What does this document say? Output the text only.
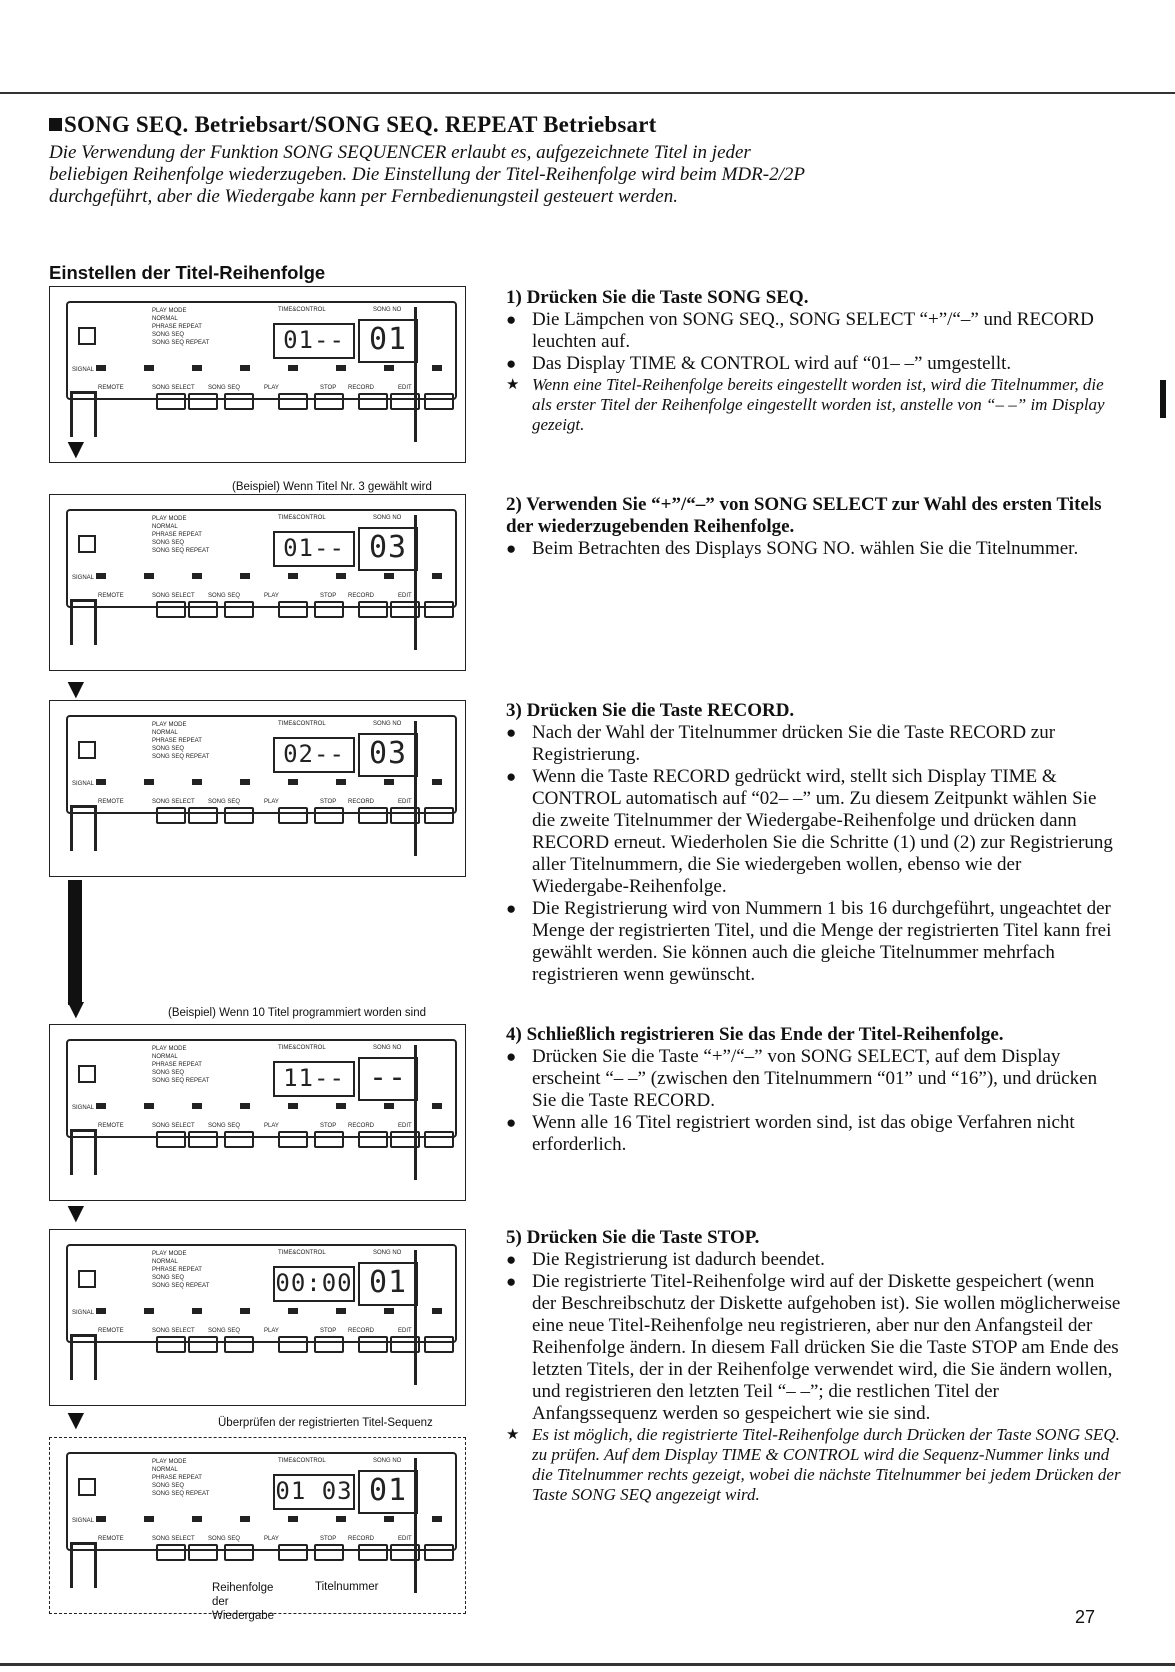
SONG SEQ. Betriebsart/SONG SEQ. REPEAT Betriebsart
Die Verwendung der Funktion SONG SEQUENCER erlaubt es, aufgezeichnete Titel in jeder beliebigen Reihenfolge wiederzugeben. Die Einstellung der Titel-Reihenfolge wird beim MDR-2/2P durchgeführt, aber die Wiedergabe kann per Fernbedienungsteil gesteuert werden.
Einstellen der Titel-Reihenfolge
SIGNAL
PLAY MODE
NORMAL
PHRASE REPEAT
SONG SEQ
SONG SEQ REPEAT
TIME&CONTROL	SONG NO
01-- 01
REMOTE	SONG SELECT SONG SEQ	PLAY	STOP RECORD	EDIT
SIGNAL
PLAY MODE
NORMAL
PHRASE REPEAT
SONG SEQ
SONG SEQ REPEAT
TIME&CONTROL	SONG NO
01-- 03
REMOTE	SONG SELECT SONG SEQ	PLAY	STOP RECORD	EDIT
SIGNAL
PLAY MODE
NORMAL
PHRASE REPEAT
SONG SEQ
SONG SEQ REPEAT
TIME&CONTROL	SONG NO
02-- 03
REMOTE	SONG SELECT SONG SEQ	PLAY	STOP RECORD	EDIT
SIGNAL
PLAY MODE
NORMAL
PHRASE REPEAT
SONG SEQ
SONG SEQ REPEAT
TIME&CONTROL	SONG NO
11-- --
REMOTE	SONG SELECT SONG SEQ	PLAY	STOP RECORD	EDIT
SIGNAL
PLAY MODE
NORMAL
PHRASE REPEAT
SONG SEQ
SONG SEQ REPEAT
TIME&CONTROL	SONG NO
00:00 01
REMOTE	SONG SELECT SONG SEQ	PLAY	STOP RECORD	EDIT
SIGNAL
PLAY MODE
NORMAL
PHRASE REPEAT
SONG SEQ
SONG SEQ REPEAT
TIME&CONTROL	SONG NO
01 03 01
REMOTE	SONG SELECT SONG SEQ	PLAY	STOP RECORD	EDIT
▼
(Beispiel) Wenn Titel Nr. 3 gewählt wird
▼
▼	(Beispiel) Wenn 10 Titel programmiert worden sind
▼
▼	Überprüfen der registrierten Titel-Sequenz
Reihenfolge der Wiedergabe
Titelnummer
1) Drücken Sie die Taste SONG SEQ.
● Die Lämpchen von SONG SEQ., SONG SELECT “+”/“–” und RECORD leuchten auf.
● Das Display TIME & CONTROL wird auf “01– –” umgestellt.
★ Wenn eine Titel-Reihenfolge bereits eingestellt worden ist, wird die Titelnummer, die als erster Titel der Reihenfolge eingestellt worden ist, anstelle von “– –” im Display gezeigt.
2) Verwenden Sie “+”/“–” von SONG SELECT zur Wahl des ersten Titels der wiederzugebenden Reihenfolge.
● Beim Betrachten des Displays SONG NO. wählen Sie die Titelnummer.
3) Drücken Sie die Taste RECORD.
● Nach der Wahl der Titelnummer drücken Sie die Taste RECORD zur Registrierung.
● Wenn die Taste RECORD gedrückt wird, stellt sich Display TIME & CONTROL automatisch auf “02– –” um. Zu diesem Zeitpunkt wählen Sie die zweite Titelnummer der Wiedergabe-Reihenfolge und drücken dann RECORD erneut. Wiederholen Sie die Schritte (1) und (2) zur Registrierung aller Titelnummern, die Sie wiedergeben wollen, ebenso wie der Wiedergabe-Reihenfolge.
● Die Registrierung wird von Nummern 1 bis 16 durchgeführt, ungeachtet der Menge der registrierten Titel, und die Menge der registrierten Titel kann frei gewählt werden. Sie können auch die gleiche Titelnummer mehrfach registrieren wenn gewünscht.
4) Schließlich registrieren Sie das Ende der Titel-Reihenfolge.
● Drücken Sie die Taste “+”/“–” von SONG SELECT, auf dem Display erscheint “– –” (zwischen den Titelnummern “01” und “16”), und drücken Sie die Taste RECORD.
● Wenn alle 16 Titel registriert worden sind, ist das obige Verfahren nicht erforderlich.
5) Drücken Sie die Taste STOP.
● Die Registrierung ist dadurch beendet.
● Die registrierte Titel-Reihenfolge wird auf der Diskette gespeichert (wenn der Beschreibschutz der Diskette aufgehoben ist). Sie wollen möglicherweise eine neue Titel-Reihenfolge neu registrieren, aber nur den Anfangsteil der Reihenfolge ändern. In diesem Fall drücken Sie die Taste STOP am Ende des letzten Titels, der in der Reihenfolge verwendet wird, die Sie ändern wollen, und registrieren den letzten Teil “– –”; die restlichen Titel der Anfangssequenz werden so gespeichert wie sie sind.
★ Es ist möglich, die registrierte Titel-Reihenfolge durch Drücken der Taste SONG SEQ. zu prüfen. Auf dem Display TIME & CONTROL wird die Sequenz-Nummer links und die Titelnummer rechts gezeigt, wobei die nächste Titelnummer bei jedem Drücken der Taste SONG SEQ angezeigt wird.
27
